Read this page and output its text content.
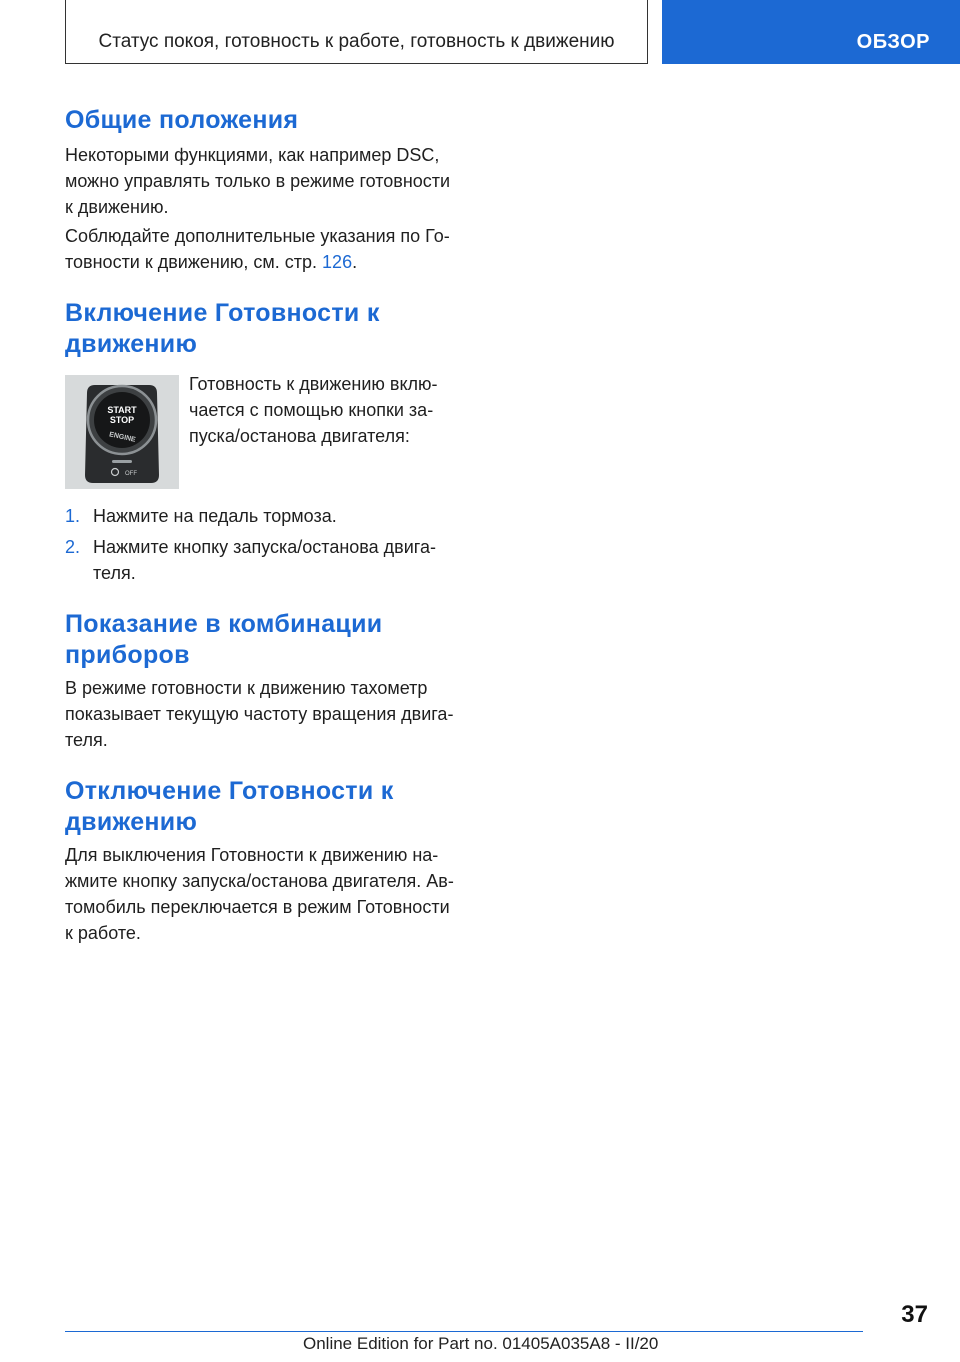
Статус покоя, готовность к работе, готовность к движению	ОБЗОР
Общие положения

Некоторыми функциями, как например DSC,

можно управлять только в режиме готовности

к движению.

Соблюдайте дополнительные указания по Го-

товности к движению, см. стр. 126.

Включение Готовности к
движению
START
STOP
ENGINE
OFF

Готовность к движению вклю-

чается с помощью кнопки за-

пуска/останова двигателя:

1. Нажмите на педаль тормоза.

2. Нажмите кнопку запуска/останова двига-

теля.

Показание в комбинации
приборов

В режиме готовности к движению тахометр

показывает текущую частоту вращения двига-

теля.

Отключение Готовности к
движению

Для выключения Готовности к движению на-

жмите кнопку запуска/останова двигателя. Ав-

томобиль переключается в режим Готовности

к работе.

37
Online Edition for Part no. 01405A035A8 - II/20
